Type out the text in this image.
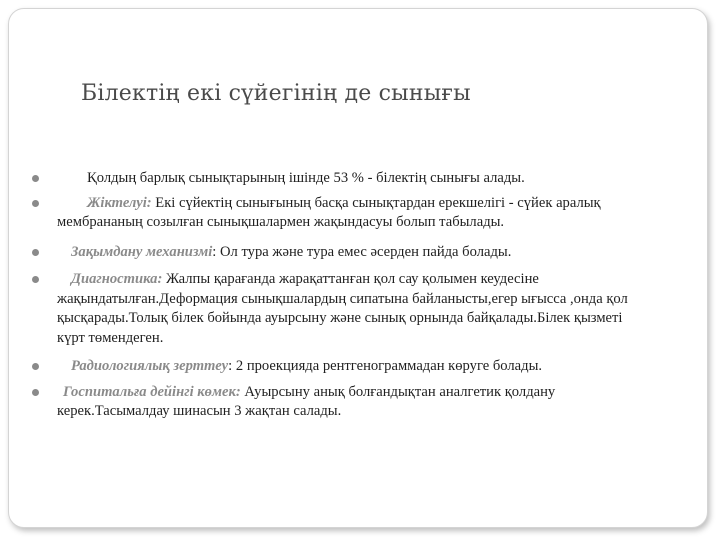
Білектің екі сүйегінің де сынығы
Қолдың барлық сынықтарының ішінде 53 % - білектің сынығы алады.
Жіктелуі: Екі сүйектің сынығының басқа сынықтардан ерекшелігі - сүйек аралық мембрананың созылған сынықшалармен жақындасуы болып табылады.
Зақымдану механизмі: Ол тура және тура емес әсерден пайда болады.
Диагностика: Жалпы қарағанда жарақаттанған қол сау қолымен кеудесіне жақындатылған.Деформация сынықшалардың сипатына байланысты,егер ығысса ,онда қол қысқарады.Толық білек бойында ауырсыну және сынық орнында байқалады.Білек қызметі күрт төмендеген.
Радиологиялық зерттеу: 2 проекцияда рентгенограммадан көруге болады.
Госпитальға дейінгі көмек: Ауырсыну анық болғандықтан аналгетик қолдану керек.Тасымалдау шинасын 3 жақтан салады.
